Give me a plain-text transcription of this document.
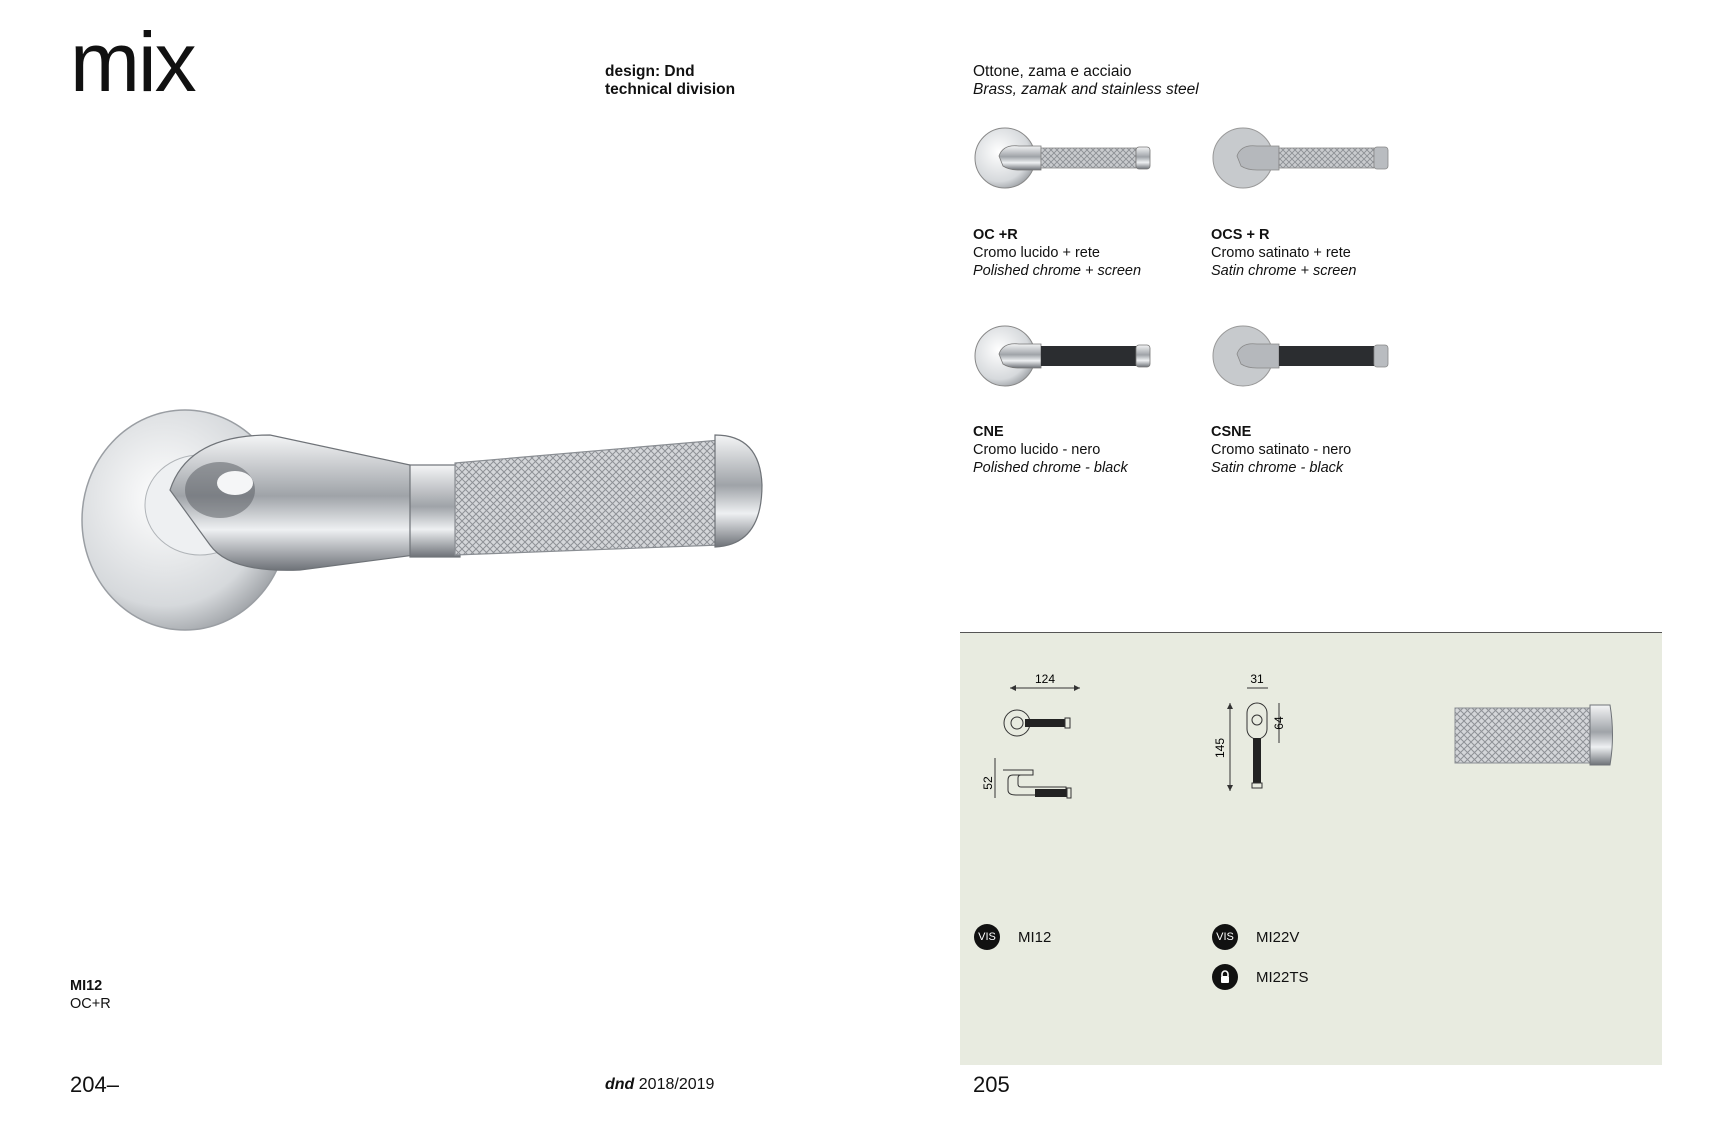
mix	design: Dnd
technical division
Ottone, zama e acciaio
Brass, zamak and stainless steel
OC +R
Cromo lucido + rete
Polished chrome + screen
OCS + R
Cromo satinato + rete
Satin chrome + screen
CNE
Cromo lucido - nero
Polished chrome - black
CSNE
Cromo satinato - nero
Satin chrome - black
MI12
OC+R
124
52
31
145
64
VIS MI12	VIS MI22V
MI22TS
204–	dnd 2018/2019	205
